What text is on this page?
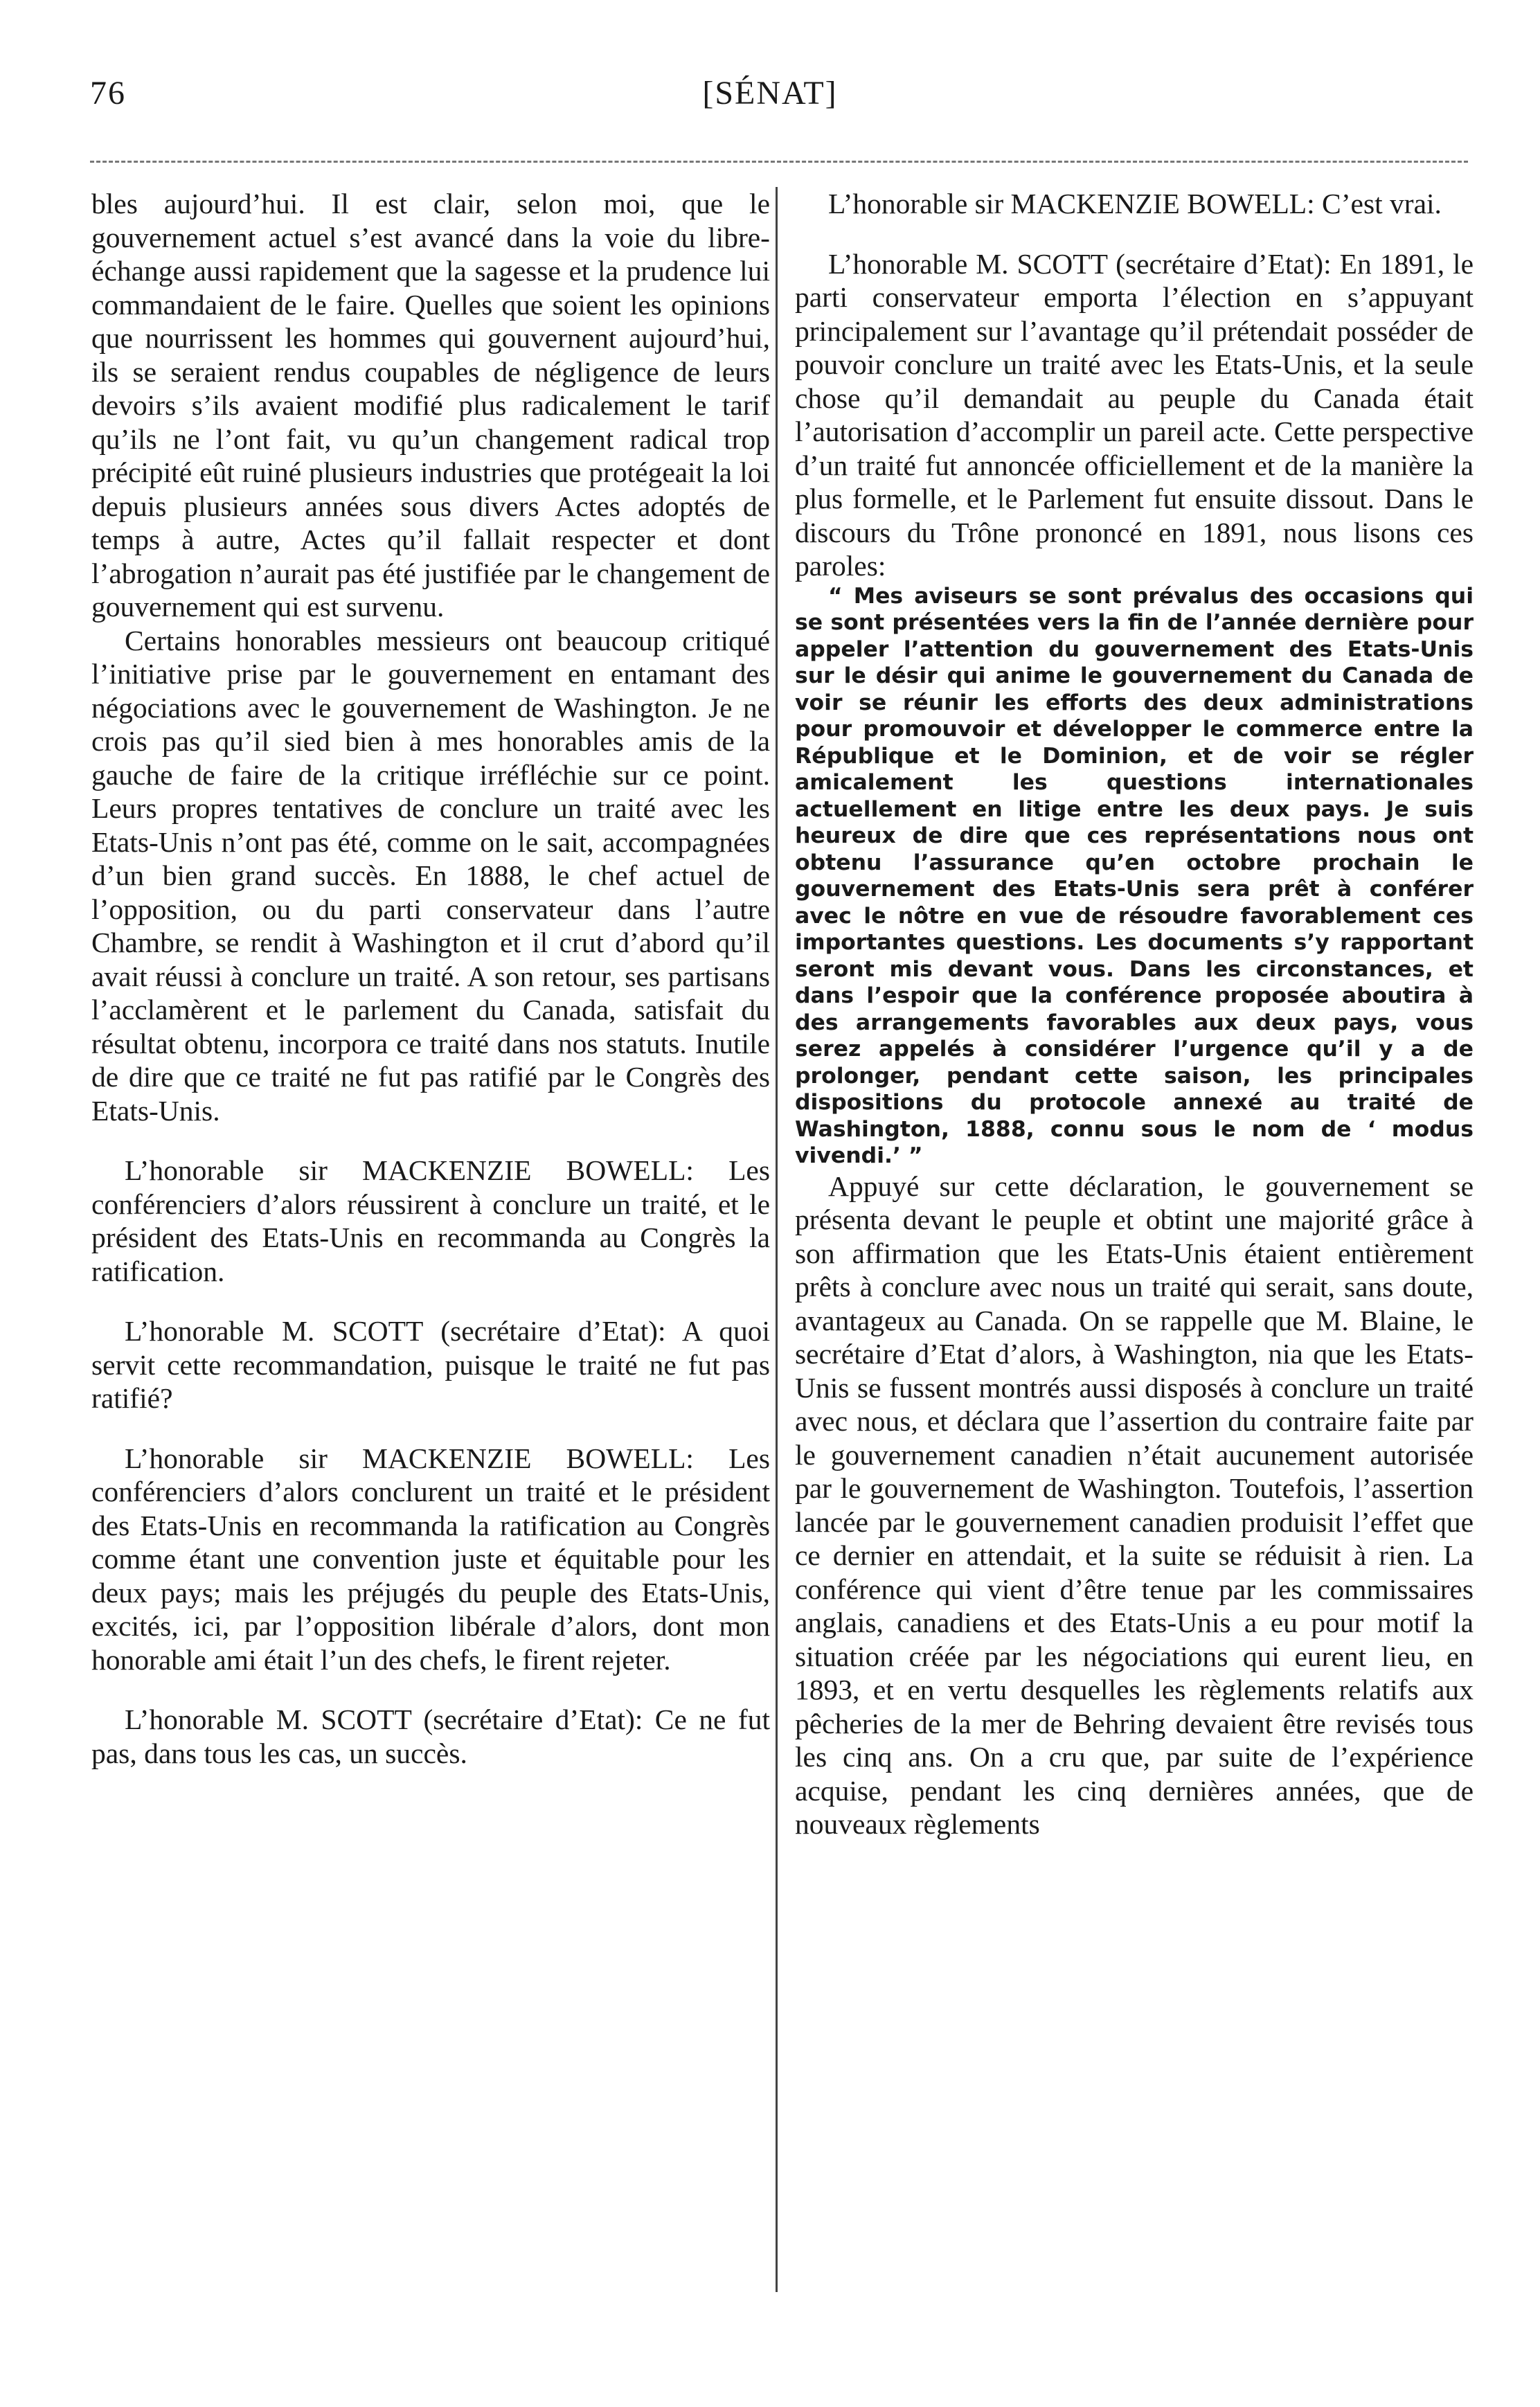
76	[SÉNAT]

bles aujourd’hui. Il est clair, selon moi, que le gouvernement actuel s’est avancé dans la voie du libre-échange aussi rapidement que la sagesse et la prudence lui commandaient de le faire. Quelles que soient les opinions que nourrissent les hommes qui gouvernent aujourd’hui, ils se seraient rendus coupables de négligence de leurs devoirs s’ils avaient modifié plus radicalement le tarif qu’ils ne l’ont fait, vu qu’un changement radical trop précipité eût ruiné plusieurs industries que protégeait la loi depuis plusieurs années sous divers Actes adoptés de temps à autre, Actes qu’il fallait respecter et dont l’abrogation n’aurait pas été justifiée par le changement de gouvernement qui est survenu.

Certains honorables messieurs ont beaucoup critiqué l’initiative prise par le gouvernement en entamant des négociations avec le gouvernement de Washington. Je ne crois pas qu’il sied bien à mes honorables amis de la gauche de faire de la critique irréfléchie sur ce point. Leurs propres tentatives de conclure un traité avec les Etats-Unis n’ont pas été, comme on le sait, accompagnées d’un bien grand succès. En 1888, le chef actuel de l’opposition, ou du parti conservateur dans l’autre Chambre, se rendit à Washington et il crut d’abord qu’il avait réussi à conclure un traité. A son retour, ses partisans l’acclamèrent et le parlement du Canada, satisfait du résultat obtenu, incorpora ce traité dans nos statuts. Inutile de dire que ce traité ne fut pas ratifié par le Congrès des Etats-Unis.

L’honorable sir MACKENZIE BOWELL: Les conférenciers d’alors réussirent à conclure un traité, et le président des Etats-Unis en recommanda au Congrès la ratification.

L’honorable M. SCOTT (secrétaire d’Etat): A quoi servit cette recommandation, puisque le traité ne fut pas ratifié?

L’honorable sir MACKENZIE BOWELL: Les conférenciers d’alors conclurent un traité et le président des Etats-Unis en recommanda la ratification au Congrès comme étant une convention juste et équitable pour les deux pays; mais les préjugés du peuple des Etats-Unis, excités, ici, par l’opposition libérale d’alors, dont mon honorable ami était l’un des chefs, le firent rejeter.

L’honorable M. SCOTT (secrétaire d’Etat): Ce ne fut pas, dans tous les cas, un succès.

L’honorable sir MACKENZIE BOWELL: C’est vrai.

L’honorable M. SCOTT (secrétaire d’Etat): En 1891, le parti conservateur emporta l’élection en s’appuyant principalement sur l’avantage qu’il prétendait posséder de pouvoir conclure un traité avec les Etats-Unis, et la seule chose qu’il demandait au peuple du Canada était l’autorisation d’accomplir un pareil acte. Cette perspective d’un traité fut annoncée officiellement et de la manière la plus formelle, et le Parlement fut ensuite dissout. Dans le discours du Trône prononcé en 1891, nous lisons ces paroles:

“ Mes aviseurs se sont prévalus des occasions qui se sont présentées vers la fin de l’année dernière pour appeler l’attention du gouvernement des Etats-Unis sur le désir qui anime le gouvernement du Canada de voir se réunir les efforts des deux administrations pour promouvoir et développer le commerce entre la République et le Dominion, et de voir se régler amicalement les questions internationales actuellement en litige entre les deux pays. Je suis heureux de dire que ces représentations nous ont obtenu l’assurance qu’en octobre prochain le gouvernement des Etats-Unis sera prêt à conférer avec le nôtre en vue de résoudre favorablement ces importantes questions. Les documents s’y rapportant seront mis devant vous. Dans les circonstances, et dans l’espoir que la conférence proposée aboutira à des arrangements favorables aux deux pays, vous serez appelés à considérer l’urgence qu’il y a de prolonger, pendant cette saison, les principales dispositions du protocole annexé au traité de Washington, 1888, connu sous le nom de ‘ modus vivendi.’ ”

Appuyé sur cette déclaration, le gouvernement se présenta devant le peuple et obtint une majorité grâce à son affirmation que les Etats-Unis étaient entièrement prêts à conclure avec nous un traité qui serait, sans doute, avantageux au Canada. On se rappelle que M. Blaine, le secrétaire d’Etat d’alors, à Washington, nia que les Etats-Unis se fussent montrés aussi disposés à conclure un traité avec nous, et déclara que l’assertion du contraire faite par le gouvernement canadien n’était aucunement autorisée par le gouvernement de Washington. Toutefois, l’assertion lancée par le gouvernement canadien produisit l’effet que ce dernier en attendait, et la suite se réduisit à rien. La conférence qui vient d’être tenue par les commissaires anglais, canadiens et des Etats-Unis a eu pour motif la situation créée par les négociations qui eurent lieu, en 1893, et en vertu desquelles les règlements relatifs aux pêcheries de la mer de Behring devaient être revisés tous les cinq ans. On a cru que, par suite de l’expérience acquise, pendant les cinq dernières années, que de nouveaux règlements
